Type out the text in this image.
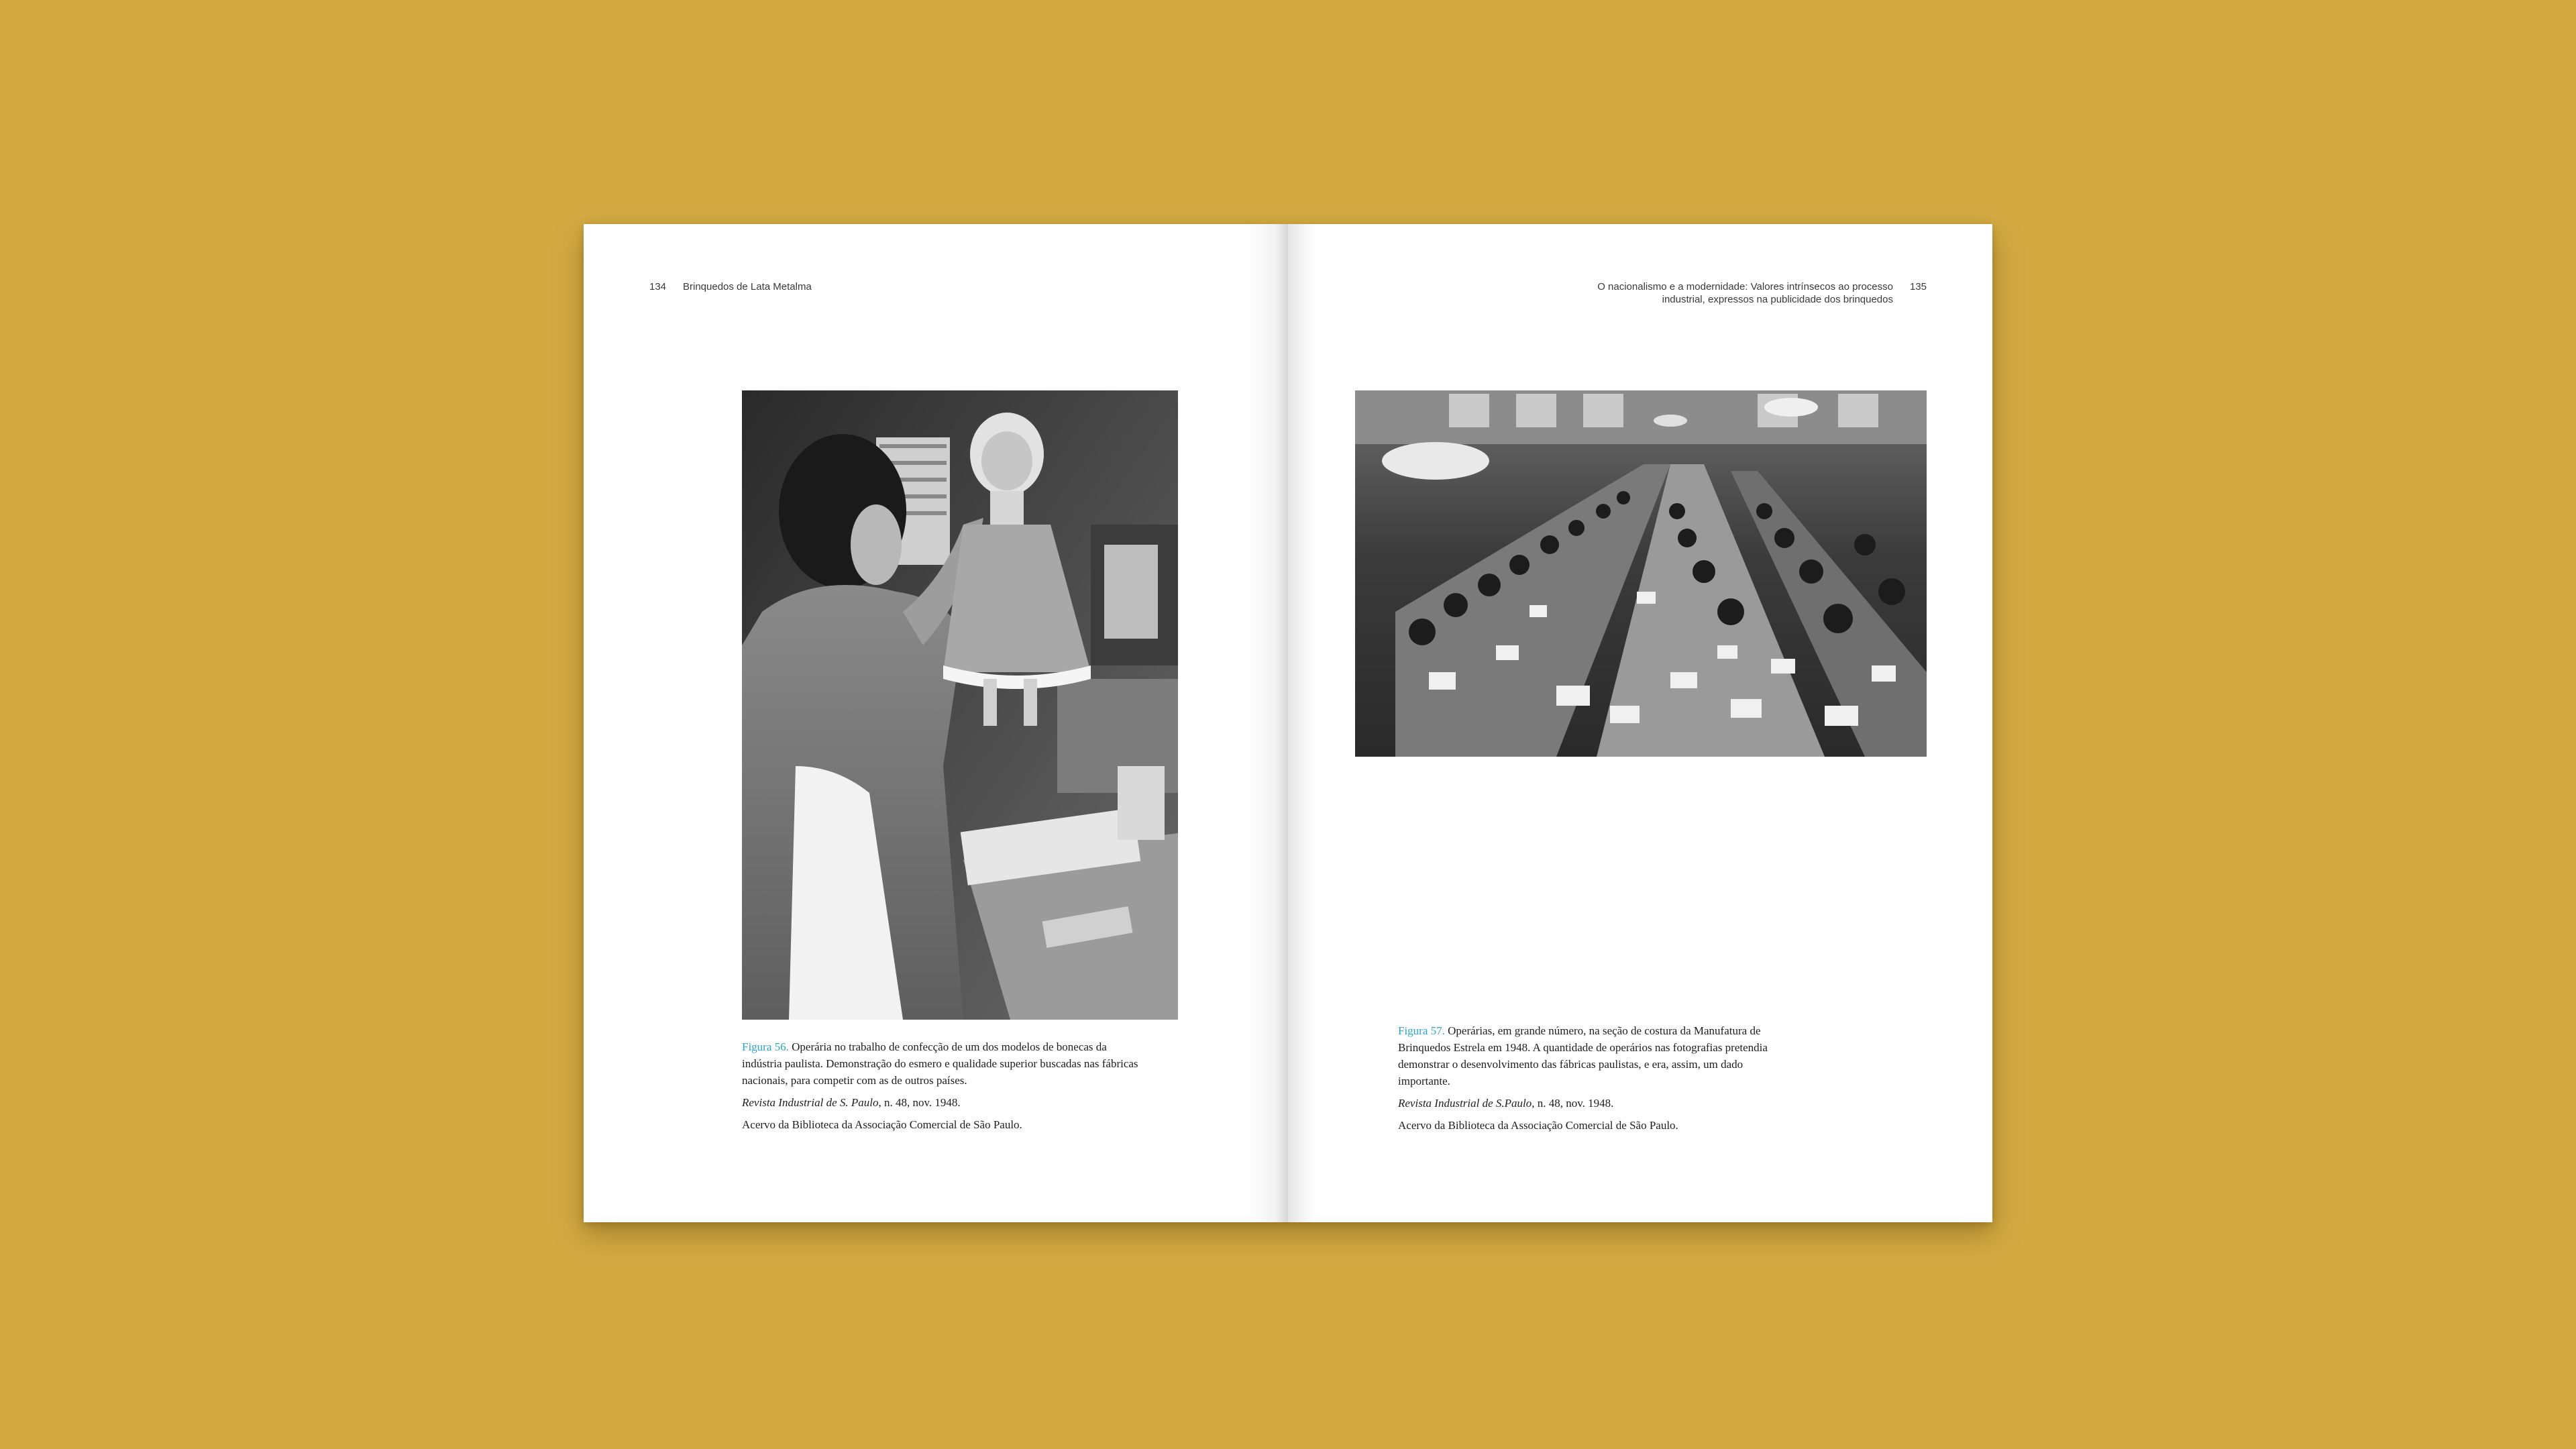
134 Brinquedos de Lata Metalma

Figura 56. Operária no trabalho de confecção de um dos modelos de bonecas da indústria paulista. Demonstração do esmero e qualidade superior buscadas nas fábricas nacionais, para competir com as de outros países.

Revista Industrial de S. Paulo, n. 48, nov. 1948.

Acervo da Biblioteca da Associação Comercial de São Paulo.

O nacionalismo e a modernidade: Valores intrínsecos ao processo
industrial, expressos na publicidade dos brinquedos
135

Figura 57. Operárias, em grande número, na seção de costura da Manufatura de Brinquedos Estrela em 1948. A quantidade de operários nas fotografias pretendia demonstrar o desenvolvimento das fábricas paulistas, e era, assim, um dado importante.

Revista Industrial de S.Paulo, n. 48, nov. 1948.

Acervo da Biblioteca da Associação Comercial de São Paulo.
